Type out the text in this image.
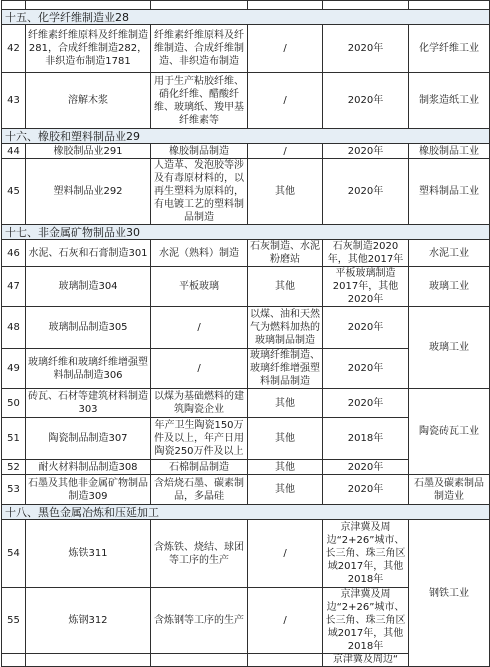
十五、化学纤维制造业28					
42	纤维素纤维原料及纤维制造281，合成纤维制造282，非织造布制造1781	纤维素纤维原料及纤维制造、合成纤维制造、非织造布制造	/	2020年	化学纤维工业
43	溶解木浆	用于生产粘胶纤维、硝化纤维、醋酸纤维、玻璃纸、羧甲基纤维素等	/	2020年	制浆造纸工业
十六、橡胶和塑料制品业29					
44	橡胶制品业291	橡胶制品制造	/	2020年	橡胶制品工业
45	塑料制品业292	人造革、发泡胶等涉及有毒原材料的，以再生塑料为原料的，有电镀工艺的塑料制品制造	其他	2020年	塑料制品工业
十七、非金属矿物制品业30					
46	水泥、石灰和石膏制造301	水泥（熟料）制造	石灰制造、水泥粉磨站	石灰制造2020年，其他2017年	水泥工业
47	玻璃制造304	平板玻璃	其他	平板玻璃制造2017年，其他2020年	玻璃工业
48	玻璃制品制造305	/	以煤、油和天然气为燃料加热的玻璃制品制造	2020年	玻璃工业
49	玻璃纤维和玻璃纤维增强塑料制品制造306	/	玻璃纤维制造、玻璃纤维增强塑料制品制造	2020年	
50	砖瓦、石材等建筑材料制造303	以煤为基础燃料的建筑陶瓷企业	其他	2020年	陶瓷砖瓦工业
51	陶瓷制品制造307	年产卫生陶瓷150万件及以上，年产日用陶瓷250万件及以上	其他	2018年	
52	耐火材料制品制造308	石棉制品制造	其他	2020年	
53	石墨及其他非金属矿物制品制造309	含焙烧石墨、碳素制品，多晶硅	其他	2020年	石墨及碳素制品制造业
十八、黑色金属冶炼和压延加工					
54	炼铁311	含炼铁、烧结、球团等工序的生产	/	京津冀及周边“2+26”城市、长三角、珠三角区域2017年，其他2018年	钢铁工业
55	炼钢312	含炼钢等工序的生产	/	京津冀及周边“2+26”城市、长三角、珠三角区域2017年，其他2018年	
				京津冀及周边“	
